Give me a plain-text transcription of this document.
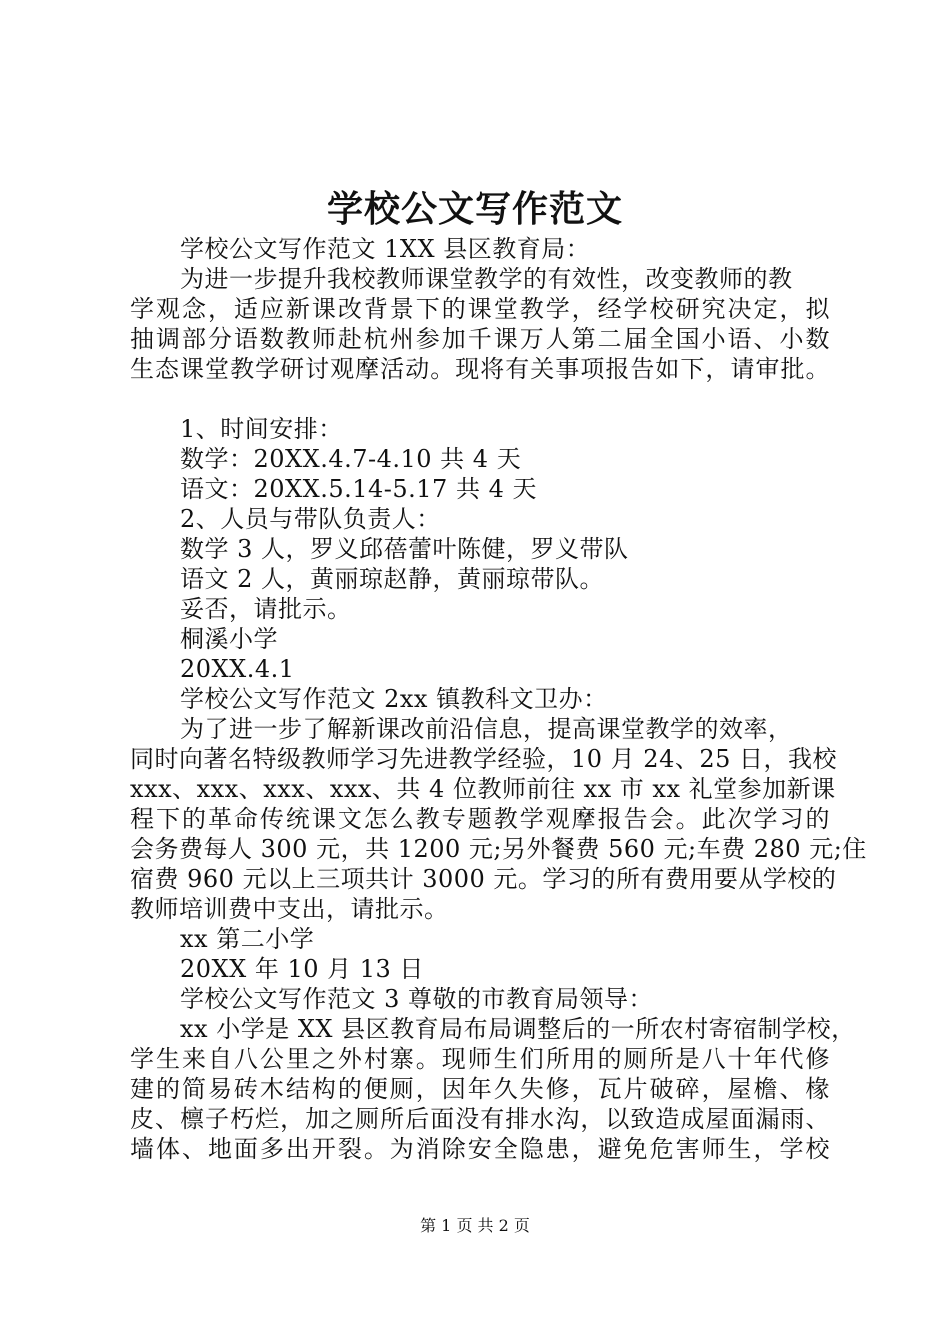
学校公文写作范文
学校公文写作范文 1XX 县区教育局：
为进一步提升我校教师课堂教学的有效性，改变教师的教
学观念，适应新课改背景下的课堂教学，经学校研究决定，拟
抽调部分语数教师赴杭州参加千课万人第二届全国小语、小数
生态课堂教学研讨观摩活动。现将有关事项报告如下，请审批。
1、时间安排：
数学：20XX.4.7-4.10 共 4 天
语文：20XX.5.14-5.17 共 4 天
2、人员与带队负责人：
数学 3 人，罗义邱蓓蕾叶陈健，罗义带队
语文 2 人，黄丽琼赵静，黄丽琼带队。
妥否，请批示。
桐溪小学
20XX.4.1
学校公文写作范文 2xx 镇教科文卫办：
为了进一步了解新课改前沿信息，提高课堂教学的效率，
同时向著名特级教师学习先进教学经验，10 月 24、25 日，我校
xxx、xxx、xxx、xxx、共 4 位教师前往 xx 市 xx 礼堂参加新课
程下的革命传统课文怎么教专题教学观摩报告会。此次学习的
会务费每人 300 元，共 1200 元;另外餐费 560 元;车费 280 元;住
宿费 960 元以上三项共计 3000 元。学习的所有费用要从学校的
教师培训费中支出，请批示。
xx 第二小学
20XX 年 10 月 13 日
学校公文写作范文 3 尊敬的市教育局领导：
xx 小学是 XX 县区教育局布局调整后的一所农村寄宿制学校，
学生来自八公里之外村寨。现师生们所用的厕所是八十年代修
建的简易砖木结构的便厕，因年久失修，瓦片破碎，屋檐、椽
皮、檩子朽烂，加之厕所后面没有排水沟，以致造成屋面漏雨、
墙体、地面多出开裂。为消除安全隐患，避免危害师生，学校
第 1 页 共 2 页
